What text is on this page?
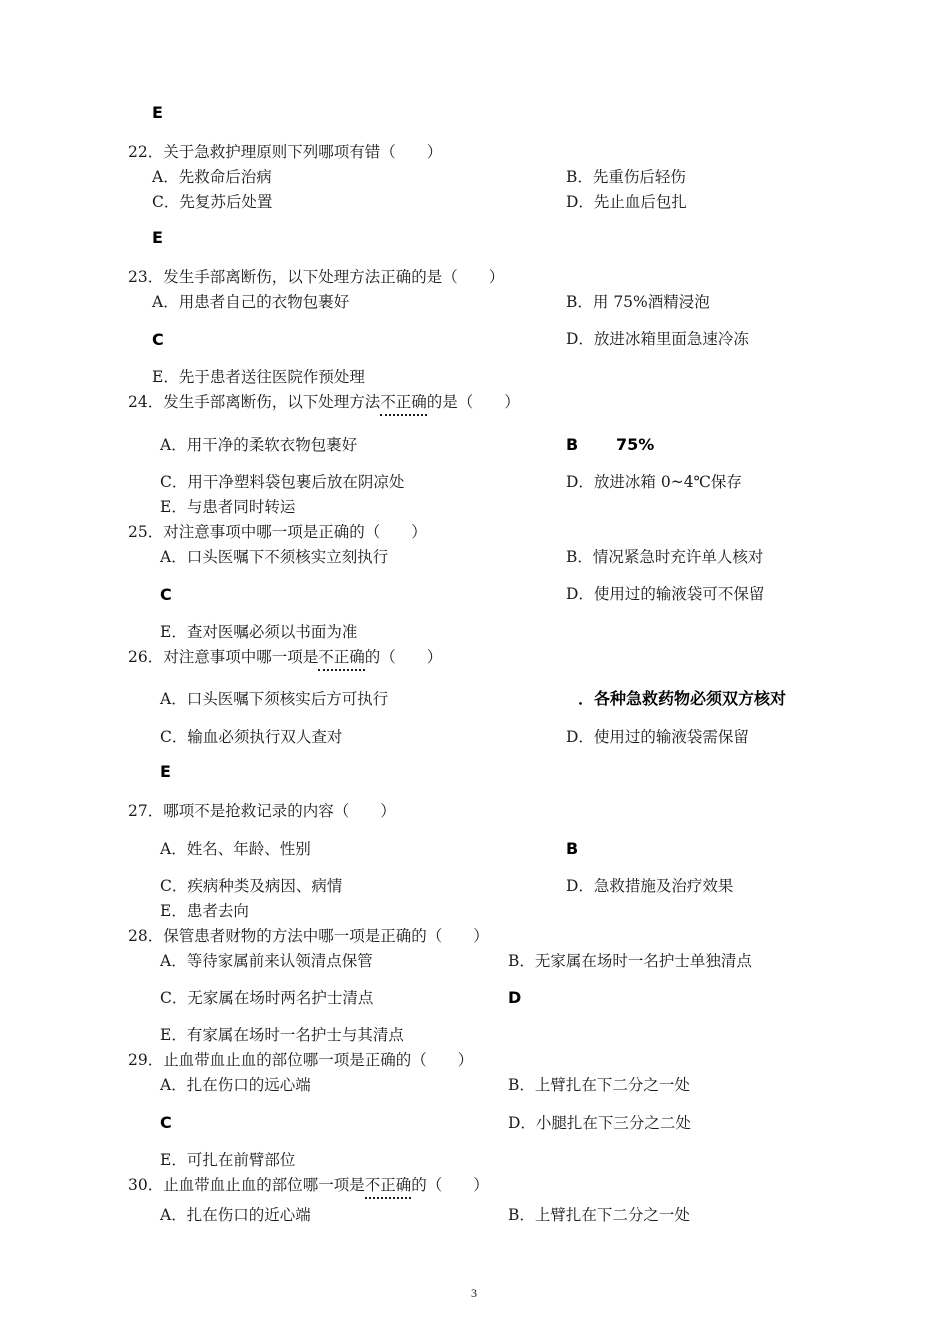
E
22．关于急救护理原则下列哪项有错（　　）
A．先救命后治病	B．先重伤后轻伤
C．先复苏后处置	D．先止血后包扎
E
23．发生手部离断伤，以下处理方法正确的是（　　）
A．用患者自己的衣物包裹好	B．用 75%酒精浸泡
C	D．放进冰箱里面急速冷冻
E．先于患者送往医院作预处理
24．发生手部离断伤，以下处理方法不正确的是（　　）
A．用干净的柔软衣物包裹好	B 75%
C．用干净塑料袋包裹后放在阴凉处	D．放进冰箱 0~4℃保存
E．与患者同时转运
25．对注意事项中哪一项是正确的（　　）
A．口头医嘱下不须核实立刻执行	B．情况紧急时充许单人核对
C	D．使用过的输液袋可不保留
E．查对医嘱必须以书面为准
26．对注意事项中哪一项是不正确的（　　）
A．口头医嘱下须核实后方可执行	．各种急救药物必须双方核对
C．输血必须执行双人查对	D．使用过的输液袋需保留
E
27．哪项不是抢救记录的内容（　　）
A．姓名、年龄、性别	B
C．疾病种类及病因、病情	D．急救措施及治疗效果
E．患者去向
28．保管患者财物的方法中哪一项是正确的（　　）
A．等待家属前来认领清点保管	B．无家属在场时一名护士单独清点
C．无家属在场时两名护士清点	D
E．有家属在场时一名护士与其清点
29．止血带血止血的部位哪一项是正确的（　　）
A．扎在伤口的远心端	B．上臂扎在下二分之一处
C	D．小腿扎在下三分之二处
E．可扎在前臂部位
30．止血带血止血的部位哪一项是不正确的（　　）
A．扎在伤口的近心端	B．上臂扎在下二分之一处
3
